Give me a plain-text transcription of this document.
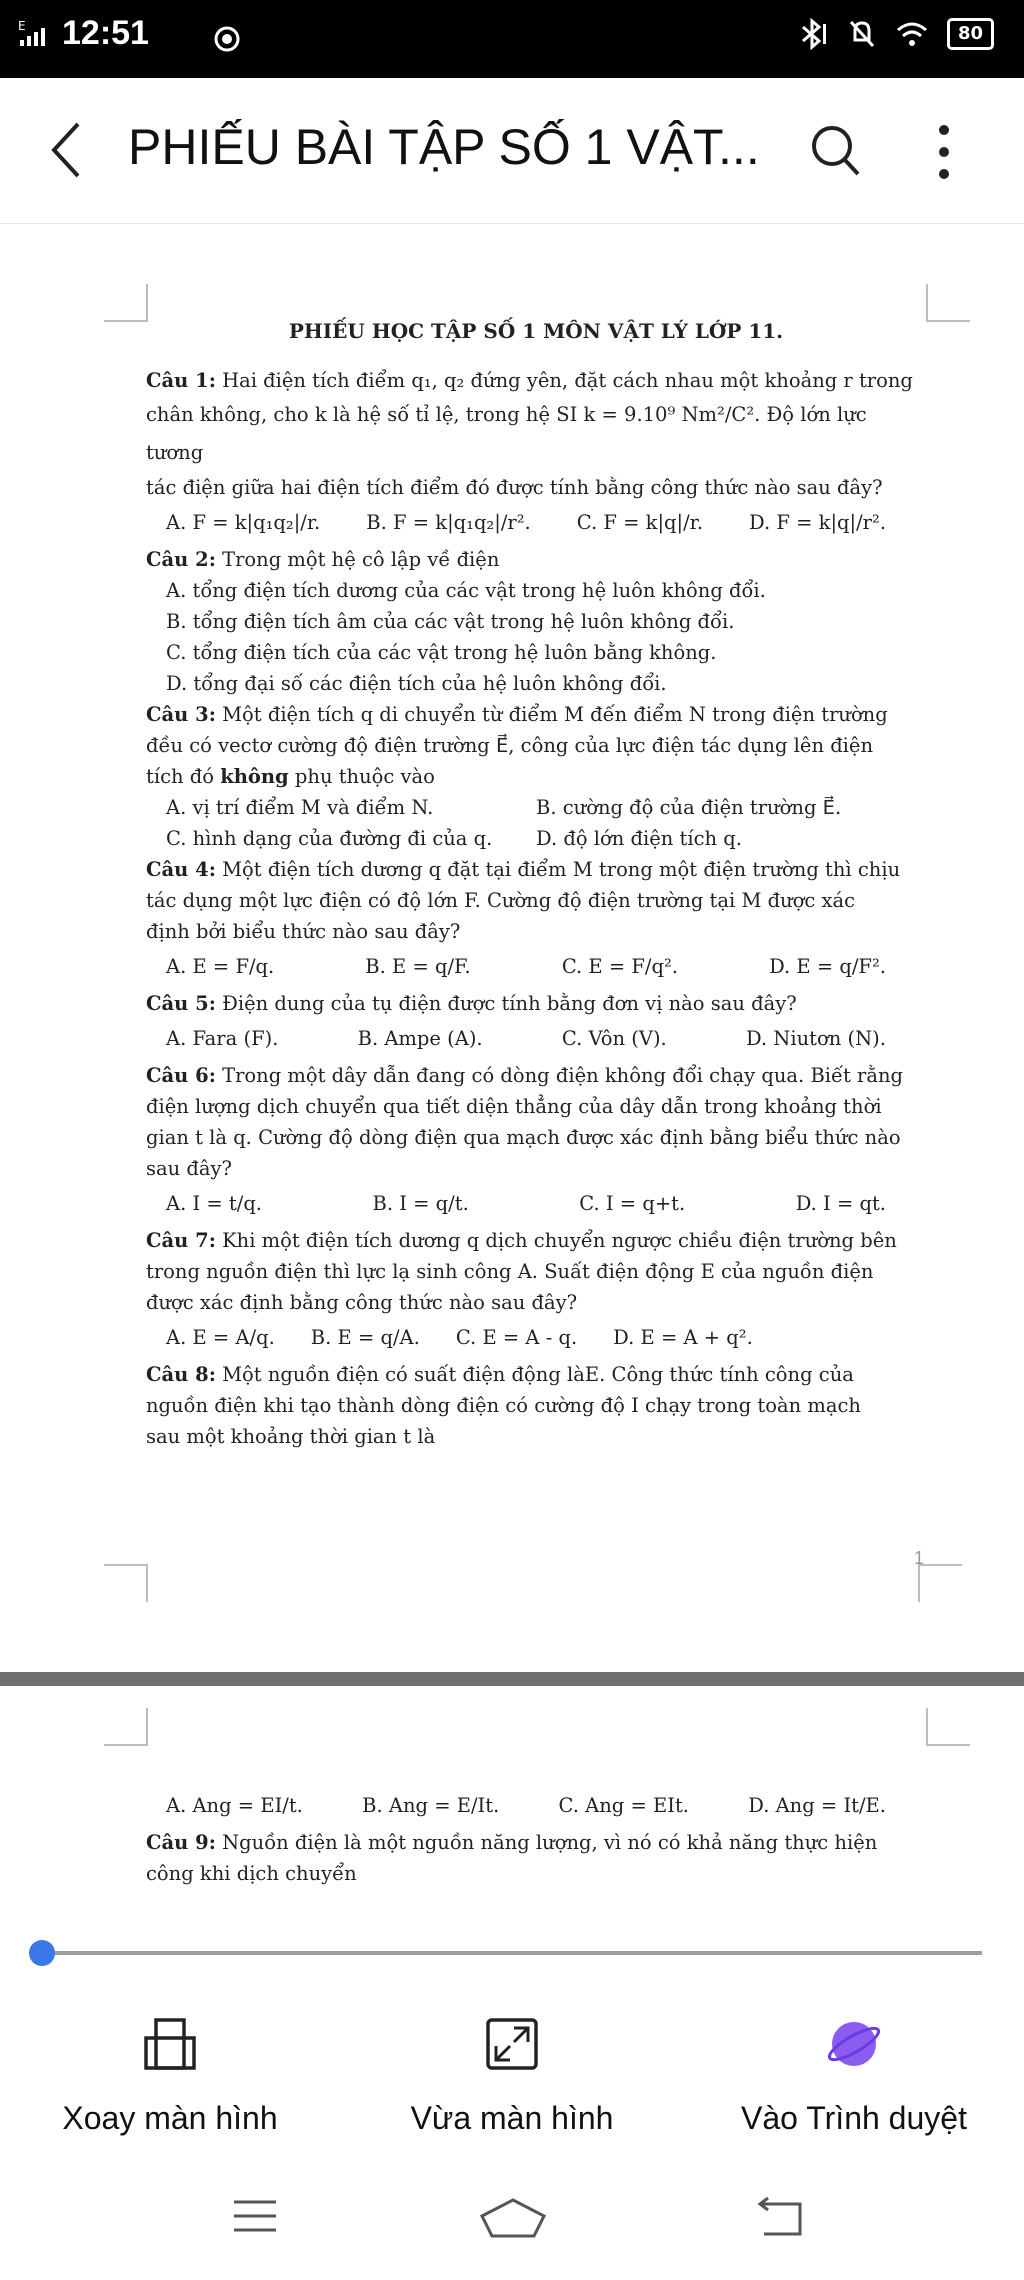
E 12:51	80
PHIẾU BÀI TẬP SỐ 1 VẬT...
1

PHIẾU HỌC TẬP SỐ 1 MÔN VẬT LÝ LỚP 11.

Câu 1: Hai điện tích điểm q₁, q₂ đứng yên, đặt cách nhau một khoảng r trong

chân không, cho k là hệ số tỉ lệ, trong hệ SI k = 9.10⁹ Nm²/C². Độ lớn lực tương

tác điện giữa hai điện tích điểm đó được tính bằng công thức nào sau đây?

A. F = k|q₁q₂|/r. B. F = k|q₁q₂|/r². C. F = k|q|/r. D. F = k|q|/r².

Câu 2: Trong một hệ cô lập về điện

A. tổng điện tích dương của các vật trong hệ luôn không đổi.

B. tổng điện tích âm của các vật trong hệ luôn không đổi.

C. tổng điện tích của các vật trong hệ luôn bằng không.

D. tổng đại số các điện tích của hệ luôn không đổi.

Câu 3: Một điện tích q di chuyển từ điểm M đến điểm N trong điện trường

đều có vectơ cường độ điện trường E⃗, công của lực điện tác dụng lên điện

tích đó không phụ thuộc vào

A. vị trí điểm M và điểm N.	B. cường độ của điện trường E⃗.
C. hình dạng của đường đi của q.	D. độ lớn điện tích q.

Câu 4: Một điện tích dương q đặt tại điểm M trong một điện trường thì chịu

tác dụng một lực điện có độ lớn F. Cường độ điện trường tại M được xác

định bởi biểu thức nào sau đây?

A. E = F/q.	B. E = q/F.	C. E = F/q².	D. E = q/F².

Câu 5: Điện dung của tụ điện được tính bằng đơn vị nào sau đây?

A. Fara (F).	B. Ampe (A).	C. Vôn (V).	D. Niutơn (N).

Câu 6: Trong một dây dẫn đang có dòng điện không đổi chạy qua. Biết rằng

điện lượng dịch chuyển qua tiết diện thẳng của dây dẫn trong khoảng thời

gian t là q. Cường độ dòng điện qua mạch được xác định bằng biểu thức nào

sau đây?

A. I = t/q.	B. I = q/t.	C. I = q+t.	D. I = qt.

Câu 7: Khi một điện tích dương q dịch chuyển ngược chiều điện trường bên

trong nguồn điện thì lực lạ sinh công A. Suất điện động E của nguồn điện

được xác định bằng công thức nào sau đây?

A. E = A/q. B. E = q/A. C. E = A - q. D. E = A + q².

Câu 8: Một nguồn điện có suất điện động làE. Công thức tính công của

nguồn điện khi tạo thành dòng điện có cường độ I chạy trong toàn mạch

sau một khoảng thời gian t là

A. Ang = EI/t.	B. Ang = E/It.	C. Ang = EIt.	D. Ang = It/E.

Câu 9: Nguồn điện là một nguồn năng lượng, vì nó có khả năng thực hiện

công khi dịch chuyển

Xoay màn hình	Vừa màn hình	Vào Trình duyệt
